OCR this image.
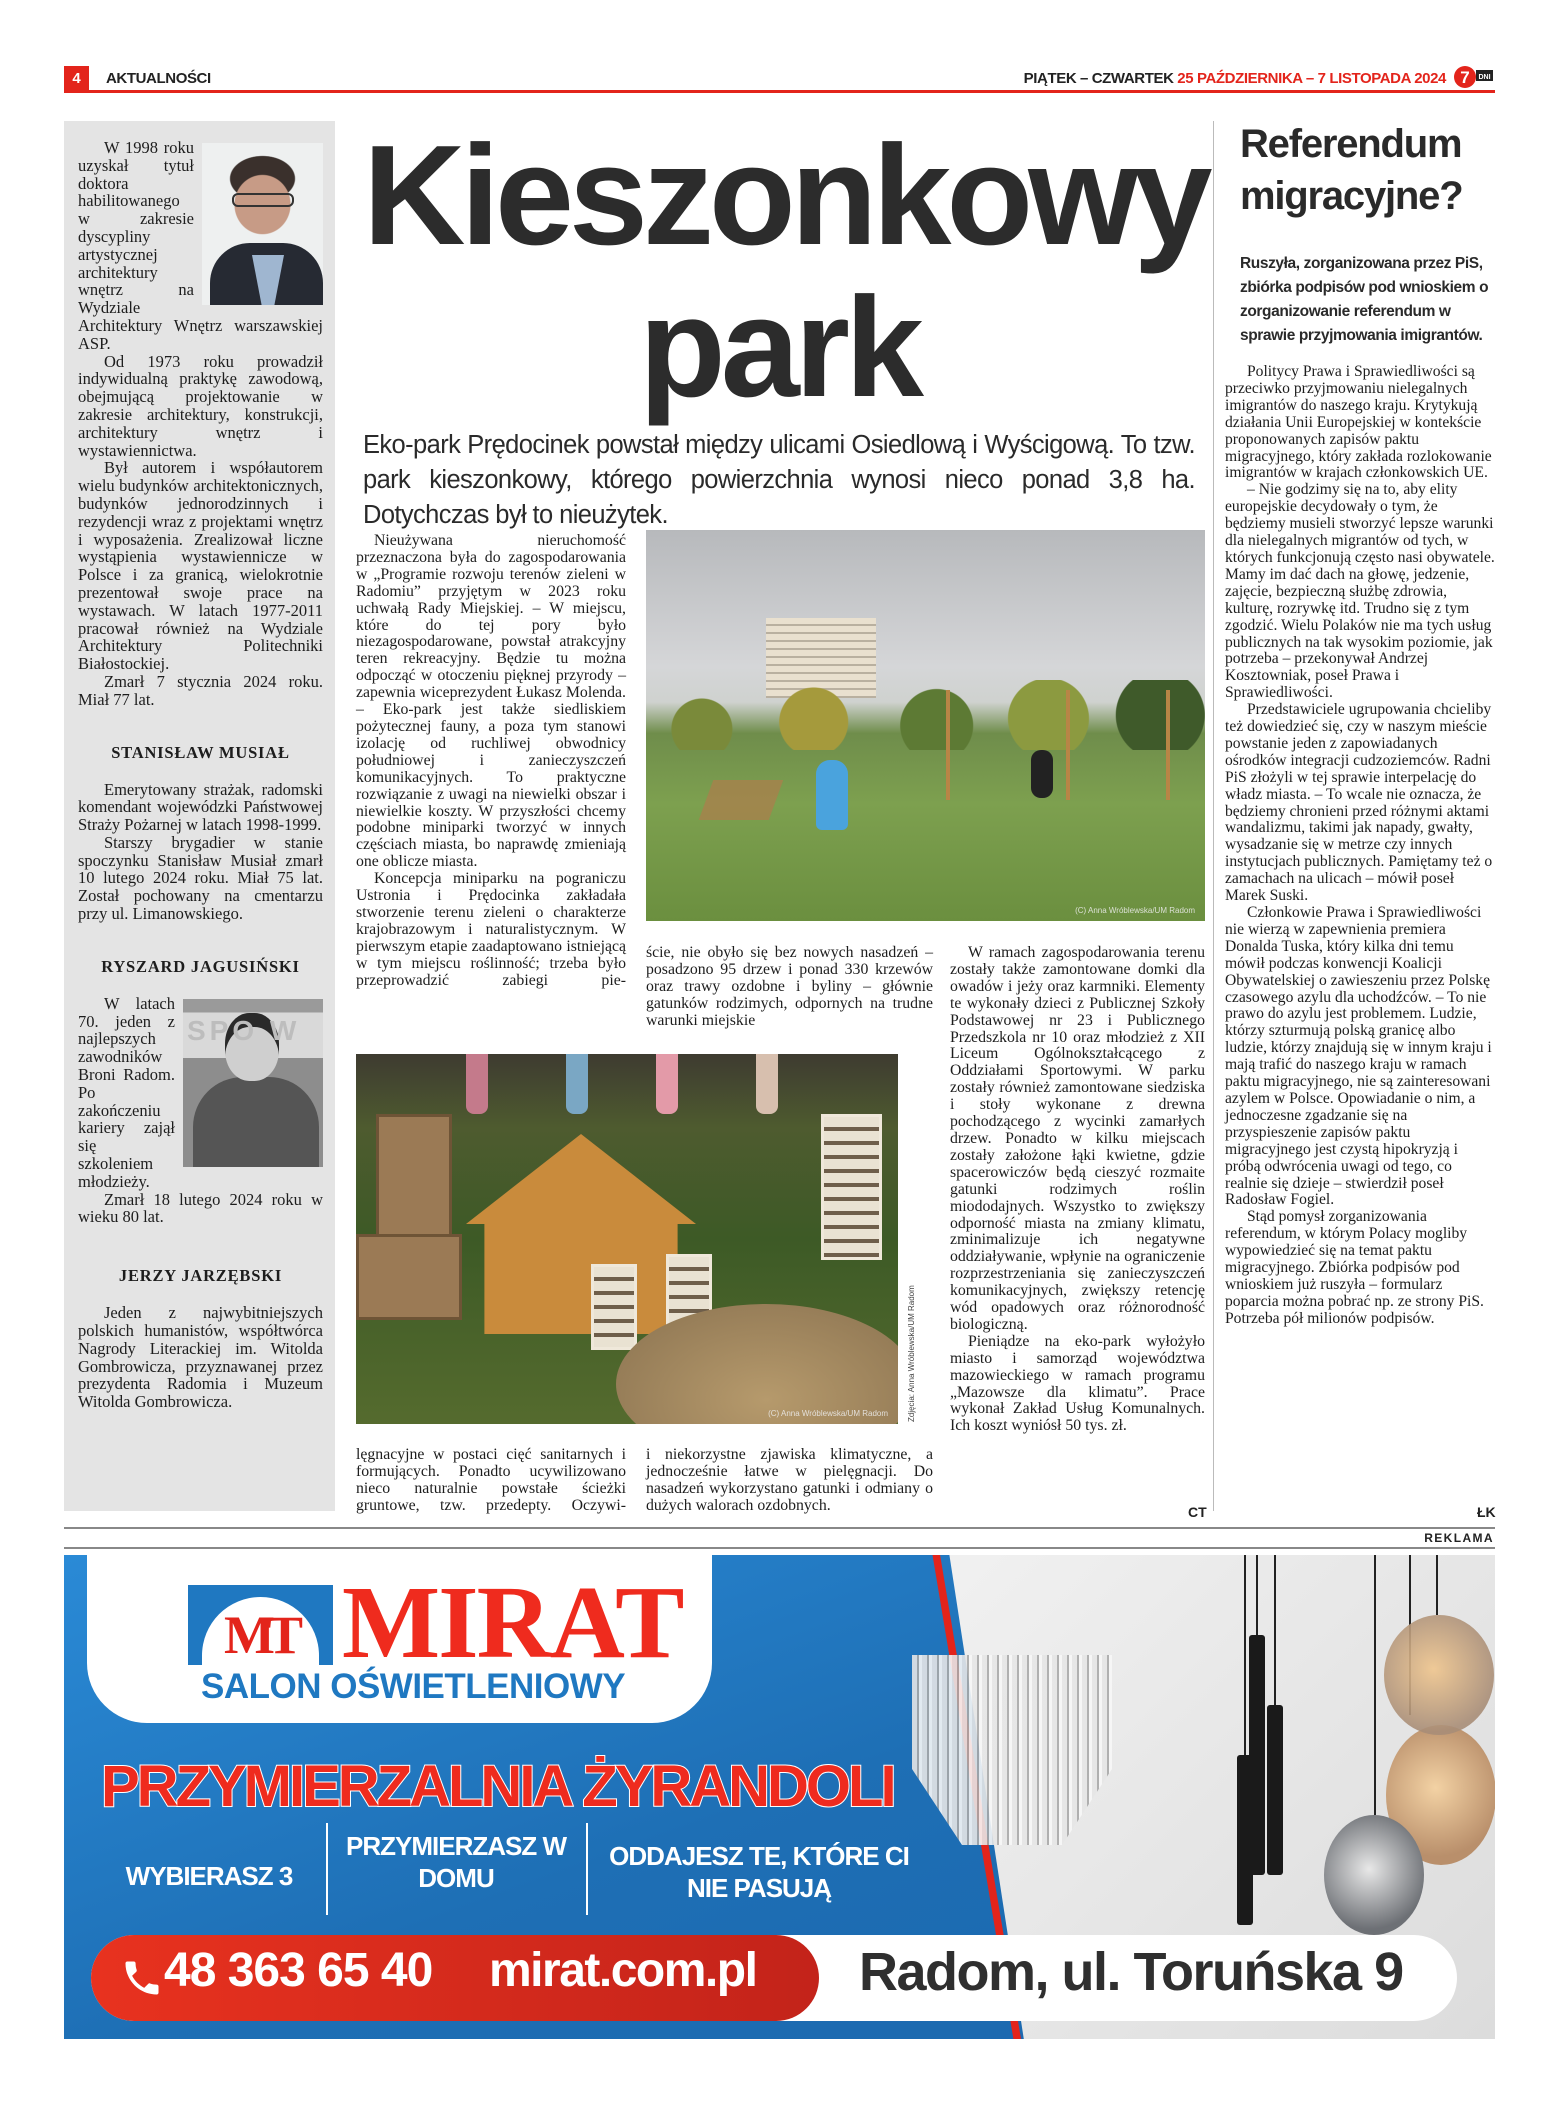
4	AKTUALNOŚCI	PIĄTEK – CZWARTEK 25 PAŹDZIERNIKA – 7 LISTOPADA 2024 7 DNI

W 1998 roku uzyskał tytuł doktora habilitowanego w zakresie dyscypliny artystycznej architektury wnętrz na Wydziale Architektury Wnętrz warszawskiej ASP.

Od 1973 roku prowadził indywidualną praktykę zawodową, obejmującą projektowanie w zakresie architektury, konstrukcji, architektury wnętrz i wystawiennictwa.

Był autorem i współautorem wielu budynków architektonicznych, budynków jednorodzinnych i rezydencji wraz z projektami wnętrz i wyposażenia. Zrealizował liczne wystąpienia wystawiennicze w Polsce i za granicą, wielokrotnie prezentował swoje prace na wystawach. W latach 1977-2011 pracował również na Wydziale Architektury Politechniki Białostockiej.

Zmarł 7 stycznia 2024 roku. Miał 77 lat.

STANISŁAW MUSIAŁ

Emerytowany strażak, radomski komendant wojewódzki Państwowej Straży Pożarnej w latach 1998-1999.

Starszy brygadier w stanie spoczynku Stanisław Musiał zmarł 10 lutego 2024 roku. Miał 75 lat. Został pochowany na cmentarzu przy ul. Limanowskiego.

RYSZARD JAGUSIŃSKI
SPO W

W latach 70. jeden z najlepszych zawodników Broni Radom. Po zakończeniu kariery zajął się szkoleniem młodzieży.

Zmarł 18 lutego 2024 roku w wieku 80 lat.

JERZY JARZĘBSKI

Jeden z najwybitniejszych polskich humanistów, współtwórca Nagrody Literackiej im. Witolda Gombrowicza, przyznawanej przez prezydenta Radomia i Muzeum Witolda Gombrowicza.

Kieszonkowy
park
Eko-park Prędocinek powstał między ulicami Osiedlową i Wyścigową. To tzw. park kieszonkowy, którego powierzchnia wynosi nieco ponad 3,8 ha. Dotychczas był to nieużytek.

Nieużywana nieruchomość przeznaczona była do zagospodarowania w „Programie rozwoju terenów zieleni w Radomiu” przyjętym w 2023 roku uchwałą Rady Miejskiej. – W miejscu, które do tej pory było niezagospodarowane, powstał atrakcyjny teren rekreacyjny. Będzie tu można odpocząć w otoczeniu pięknej przyrody – zapewnia wiceprezydent Łukasz Molenda. – Eko-park jest także siedliskiem pożytecznej fauny, a poza tym stanowi izolację od ruchliwej obwodnicy południowej i zanieczyszczeń komunikacyjnych. To praktyczne rozwiązanie z uwagi na niewielki obszar i niewielkie koszty. W przyszłości chcemy podobne miniparki tworzyć w innych częściach miasta, bo naprawdę zmieniają one oblicze miasta.

Koncepcja miniparku na pograniczu Ustronia i Prędocinka zakładała stworzenie terenu zieleni o charakterze krajobrazowym i naturalistycznym. W pierwszym etapie zaadaptowano istniejącą w tym miejscu roślinność; trzeba było przeprowadzić zabiegi pie-

(C) Anna Wróblewska/UM Radom

ście, nie obyło się bez nowych nasadzeń – posadzono 95 drzew i ponad 330 krzewów oraz trawy ozdobne i byliny – głównie gatunków rodzimych, odpornych na trudne warunki miejskie

W ramach zagospodarowania terenu zostały także zamontowane domki dla owadów i jeży oraz karmniki. Elementy te wykonały dzieci z Publicznej Szkoły Podstawowej nr 23 i Publicznego Przedszkola nr 10 oraz młodzież z XII Liceum Ogólnokształcącego z Oddziałami Sportowymi. W parku zostały również zamontowane siedziska i stoły wykonane z drewna pochodzącego z wycinki zamarłych drzew. Ponadto w kilku miejscach zostały założone łąki kwietne, gdzie spacerowiczów będą cieszyć rozmaite gatunki rodzimych roślin miododajnych. Wszystko to zwiększy odporność miasta na zmiany klimatu, zminimalizuje ich negatywne oddziaływanie, wpłynie na ograniczenie rozprzestrzeniania się zanieczyszczeń komunikacyjnych, zwiększy retencję wód opadowych oraz różnorodność biologiczną.

Pieniądze na eko-park wyłożyło miasto i samorząd województwa mazowieckiego w ramach programu „Mazowsze dla klimatu”. Prace wykonał Zakład Usług Komunalnych. Ich koszt wyniósł 50 tys. zł.

(C) Anna Wróblewska/UM Radom Zdjęcia: Anna Wróblewska/UM Radom

lęgnacyjne w postaci cięć sanitarnych i formujących. Ponadto ucywilizowano nieco naturalnie powstałe ścieżki gruntowe, tzw. przedepty. Oczywi-

i niekorzystne zjawiska klimatyczne, a jednocześnie łatwe w pielęgnacji. Do nasadzeń wykorzystano gatunki i odmiany o dużych walorach ozdobnych.	CT
Referendum migracyjne?
Ruszyła, zorganizowana przez PiS, zbiórka podpisów pod wnioskiem o zorganizowanie referendum w sprawie przyjmowania imigrantów.

Politycy Prawa i Sprawiedliwości są przeciwko przyjmowaniu nielegalnych imigrantów do naszego kraju. Krytykują działania Unii Europejskiej w kontekście proponowanych zapisów paktu migracyjnego, który zakłada rozlokowanie imigrantów w krajach członkowskich UE.

– Nie godzimy się na to, aby elity europejskie decydowały o tym, że będziemy musieli stworzyć lepsze warunki dla nielegalnych migrantów od tych, w których funkcjonują często nasi obywatele. Mamy im dać dach na głowę, jedzenie, zajęcie, bezpieczną służbę zdrowia, kulturę, rozrywkę itd. Trudno się z tym zgodzić. Wielu Polaków nie ma tych usług publicznych na tak wysokim poziomie, jak potrzeba – przekonywał Andrzej Kosztowniak, poseł Prawa i Sprawiedliwości.

Przedstawiciele ugrupowania chcieliby też dowiedzieć się, czy w naszym mieście powstanie jeden z zapowiadanych ośrodków integracji cudzoziemców. Radni PiS złożyli w tej sprawie interpelację do władz miasta. – To wcale nie oznacza, że będziemy chronieni przed różnymi aktami wandalizmu, takimi jak napady, gwałty, wysadzanie się w metrze czy innych instytucjach publicznych. Pamiętamy też o zamachach na ulicach – mówił poseł Marek Suski.

Członkowie Prawa i Sprawiedliwości nie wierzą w zapewnienia premiera Donalda Tuska, który kilka dni temu mówił podczas konwencji Koalicji Obywatelskiej o zawieszeniu przez Polskę czasowego azylu dla uchodźców. – To nie prawo do azylu jest problemem. Ludzie, którzy szturmują polską granicę albo ludzie, którzy znajdują się w innym kraju i mają trafić do naszego kraju w ramach paktu migracyjnego, nie są zainteresowani azylem w Polsce. Opowiadanie o nim, a jednoczesne zgadzanie się na przyspieszenie zapisów paktu migracyjnego jest czystą hipokryzją i próbą odwrócenia uwagi od tego, co realnie się dzieje – stwierdził poseł Radosław Fogiel.

Stąd pomysł zorganizowania referendum, w którym Polacy mogliby wypowiedzieć się na temat paktu migracyjnego. Zbiórka podpisów pod wnioskiem już ruszyła – formularz poparcia można pobrać np. ze strony PiS. Potrzeba pół milionów podpisów.

ŁK
REKLAMA
MT MIRAT
SALON OŚWIETLENIOWY
PRZYMIERZALNIA ŻYRANDOLI
WYBIERASZ 3
PRZYMIERZASZ W DOMU
ODDAJESZ TE, KTÓRE CI NIE PASUJĄ
48 363 65 40 mirat.com.pl Radom, ul. Toruńska 9
